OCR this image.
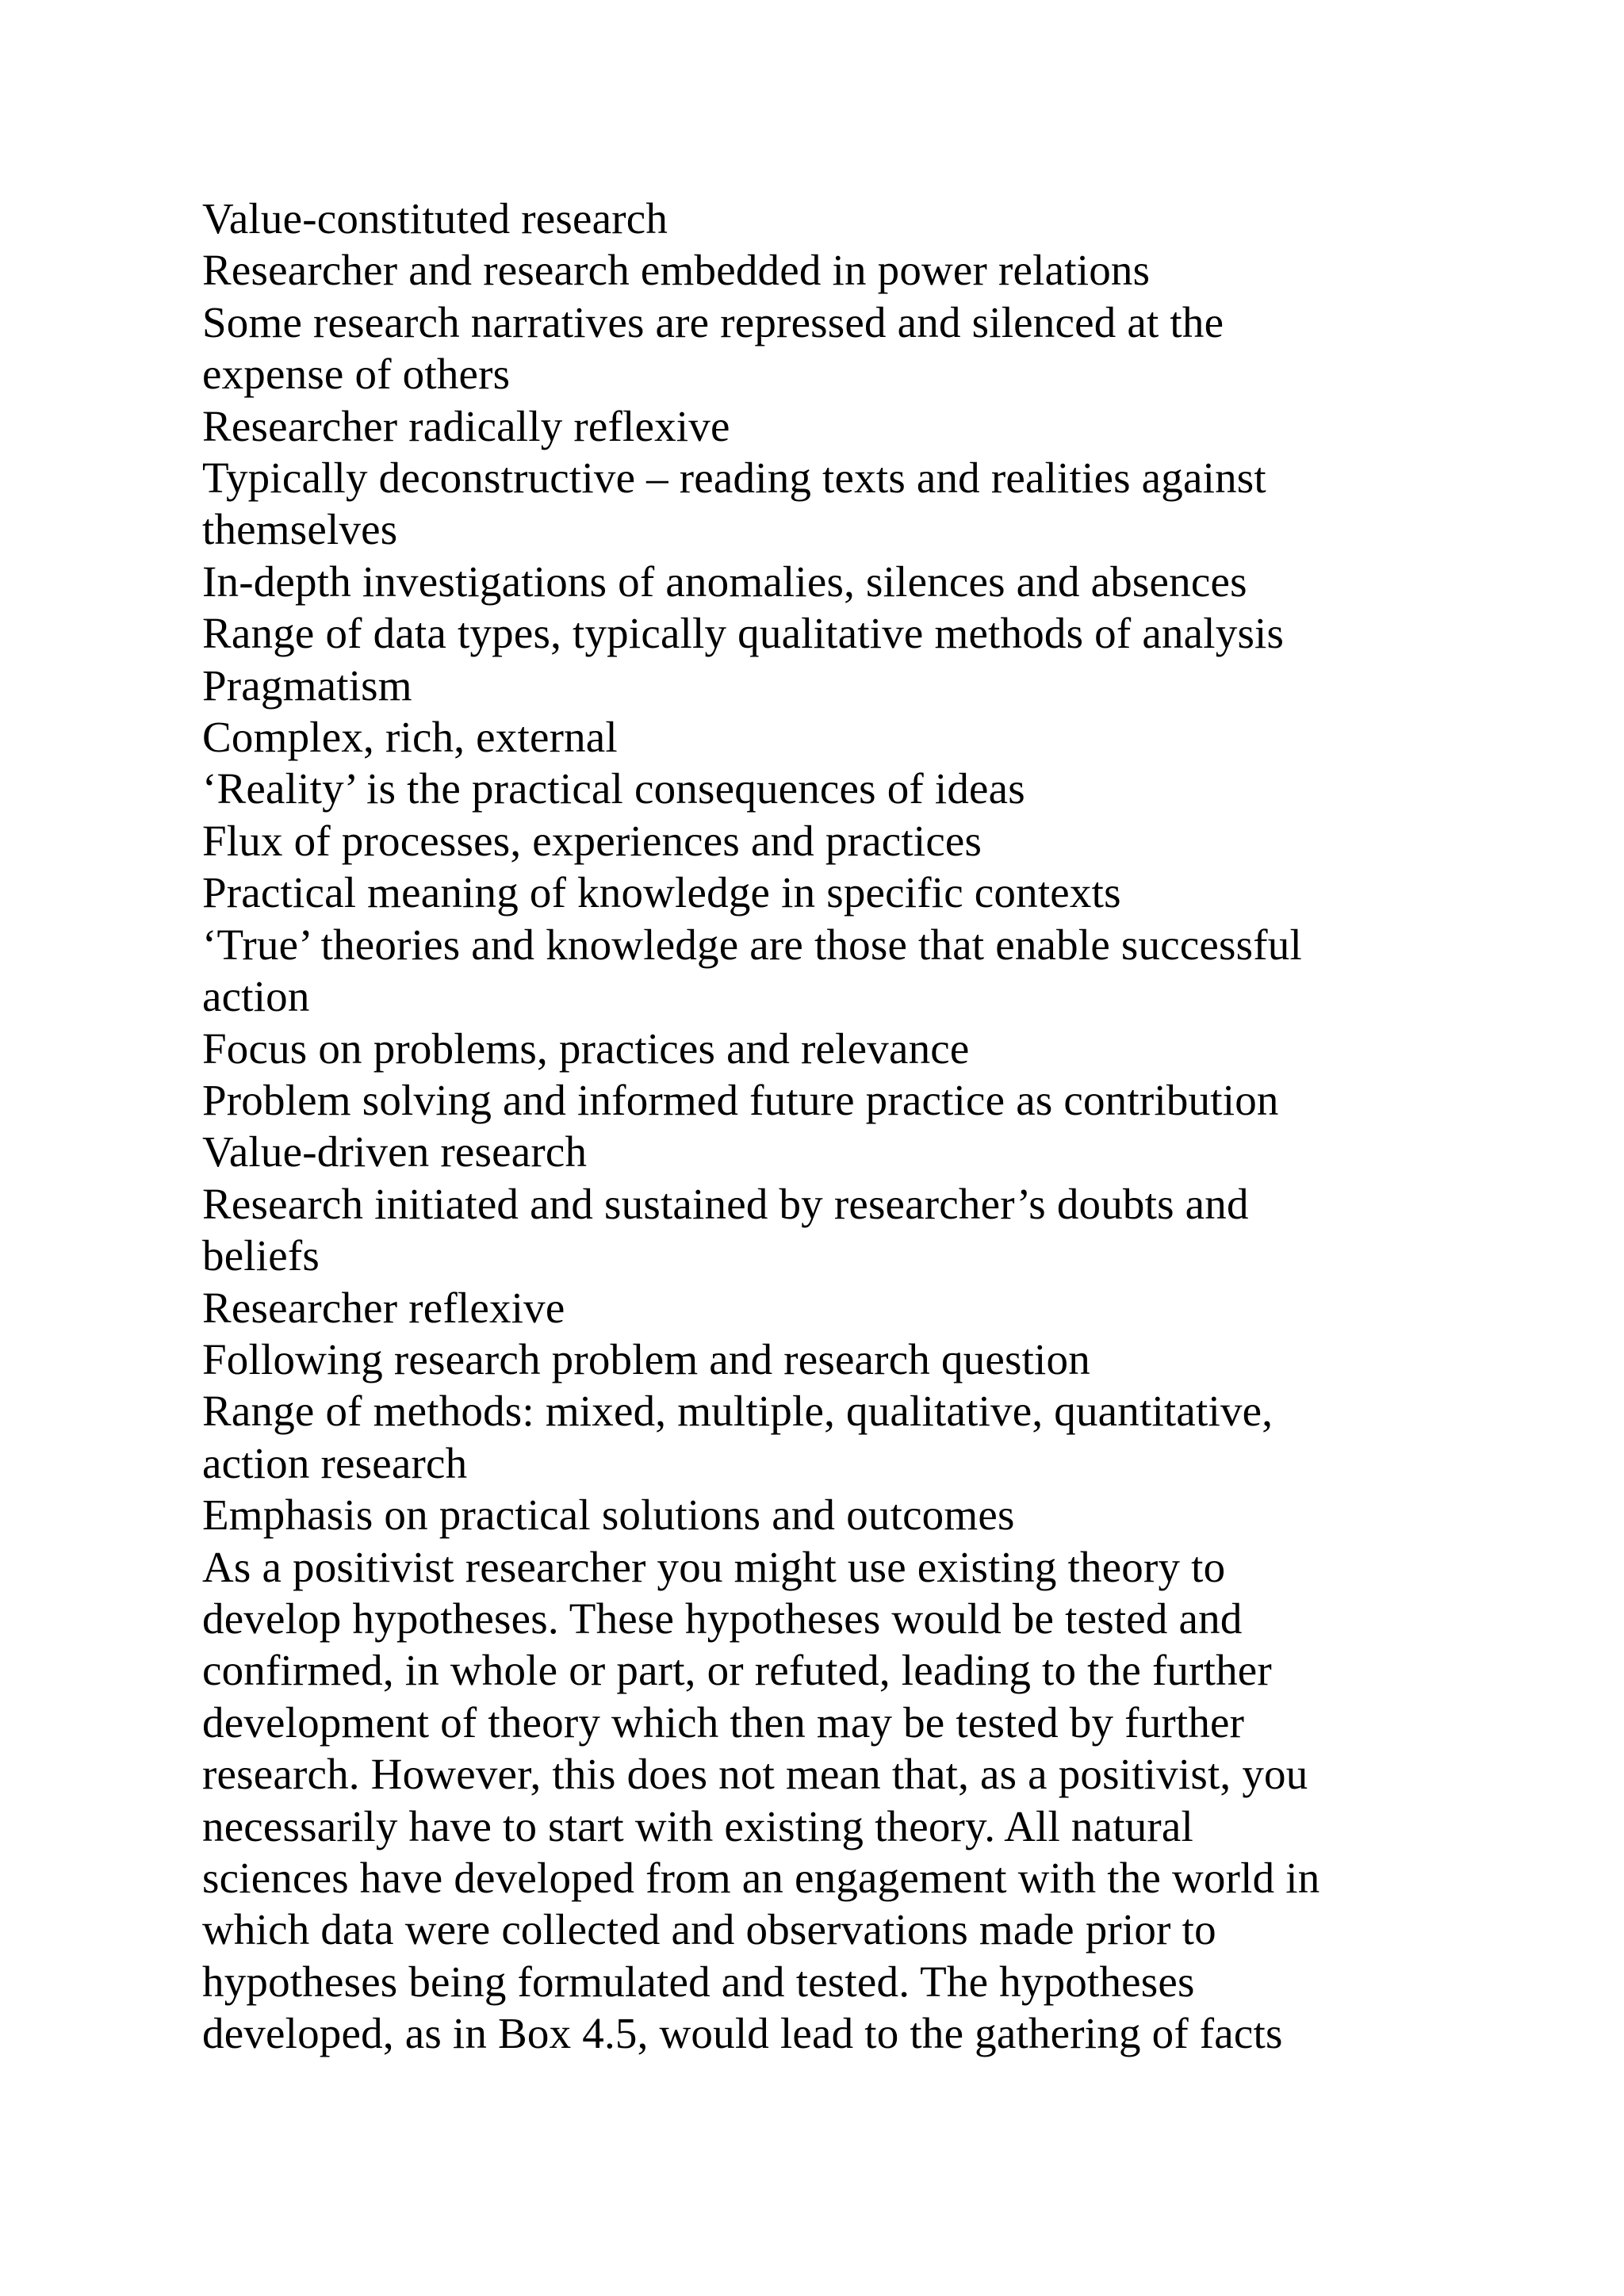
Value-constituted research
Researcher and research embedded in power relations
Some research narratives are repressed and silenced at the
expense of others
Researcher radically reflexive
Typically deconstructive – reading texts and realities against
themselves
In-depth investigations of anomalies, silences and absences
Range of data types, typically qualitative methods of analysis
Pragmatism
Complex, rich, external
‘Reality’ is the practical consequences of ideas
Flux of processes, experiences and practices
Practical meaning of knowledge in specific contexts
‘True’ theories and knowledge are those that enable successful
action
Focus on problems, practices and relevance
Problem solving and informed future practice as contribution
Value-driven research
Research initiated and sustained by researcher’s doubts and
beliefs
Researcher reflexive
Following research problem and research question
Range of methods: mixed, multiple, qualitative, quantitative,
action research
Emphasis on practical solutions and outcomes
As a positivist researcher you might use existing theory to
develop hypotheses. These hypotheses would be tested and
confirmed, in whole or part, or refuted, leading to the further
development of theory which then may be tested by further
research. However, this does not mean that, as a positivist, you
necessarily have to start with existing theory. All natural
sciences have developed from an engagement with the world in
which data were collected and observations made prior to
hypotheses being formulated and tested. The hypotheses
developed, as in Box 4.5, would lead to the gathering of facts
